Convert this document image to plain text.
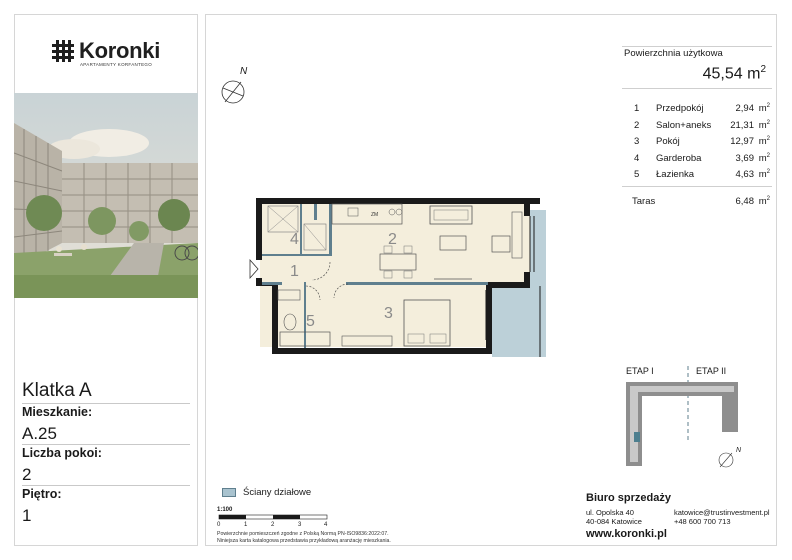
Koronki
APARTAMENTY KORFANTEGO
Klatka A
Mieszkanie:
A.25
Liczba pokoi:
2
Piętro:
1
Powierzchnia użytkowa
45,54 $m^2$
1 Przedpokój	2,94 $m^2$
2 Salon+aneks 21,31 $m^2$
3 Pokój	12,97 $m^2$
4 Garderoba	3,69 $m^2$
5 Łazienka	4,63 $m^2$
Taras	6,48 $m^2$
N
ZM
4	2
1
3
5
ETAP I	ETAP II
N
Ściany działowe
1:100
0	1	2	3	4
Powierzchnie pomieszczeń zgodne z Polską Normą PN-ISO9836:2022:07.
Niniejsza karta katalogowa przedstawia przykładową aranżację mieszkania.
Biuro sprzedaży
ul. Opolska 40
40-084 Katowice
katowice@trustinvestment.pl
+48 600 700 713
www.koronki.pl
